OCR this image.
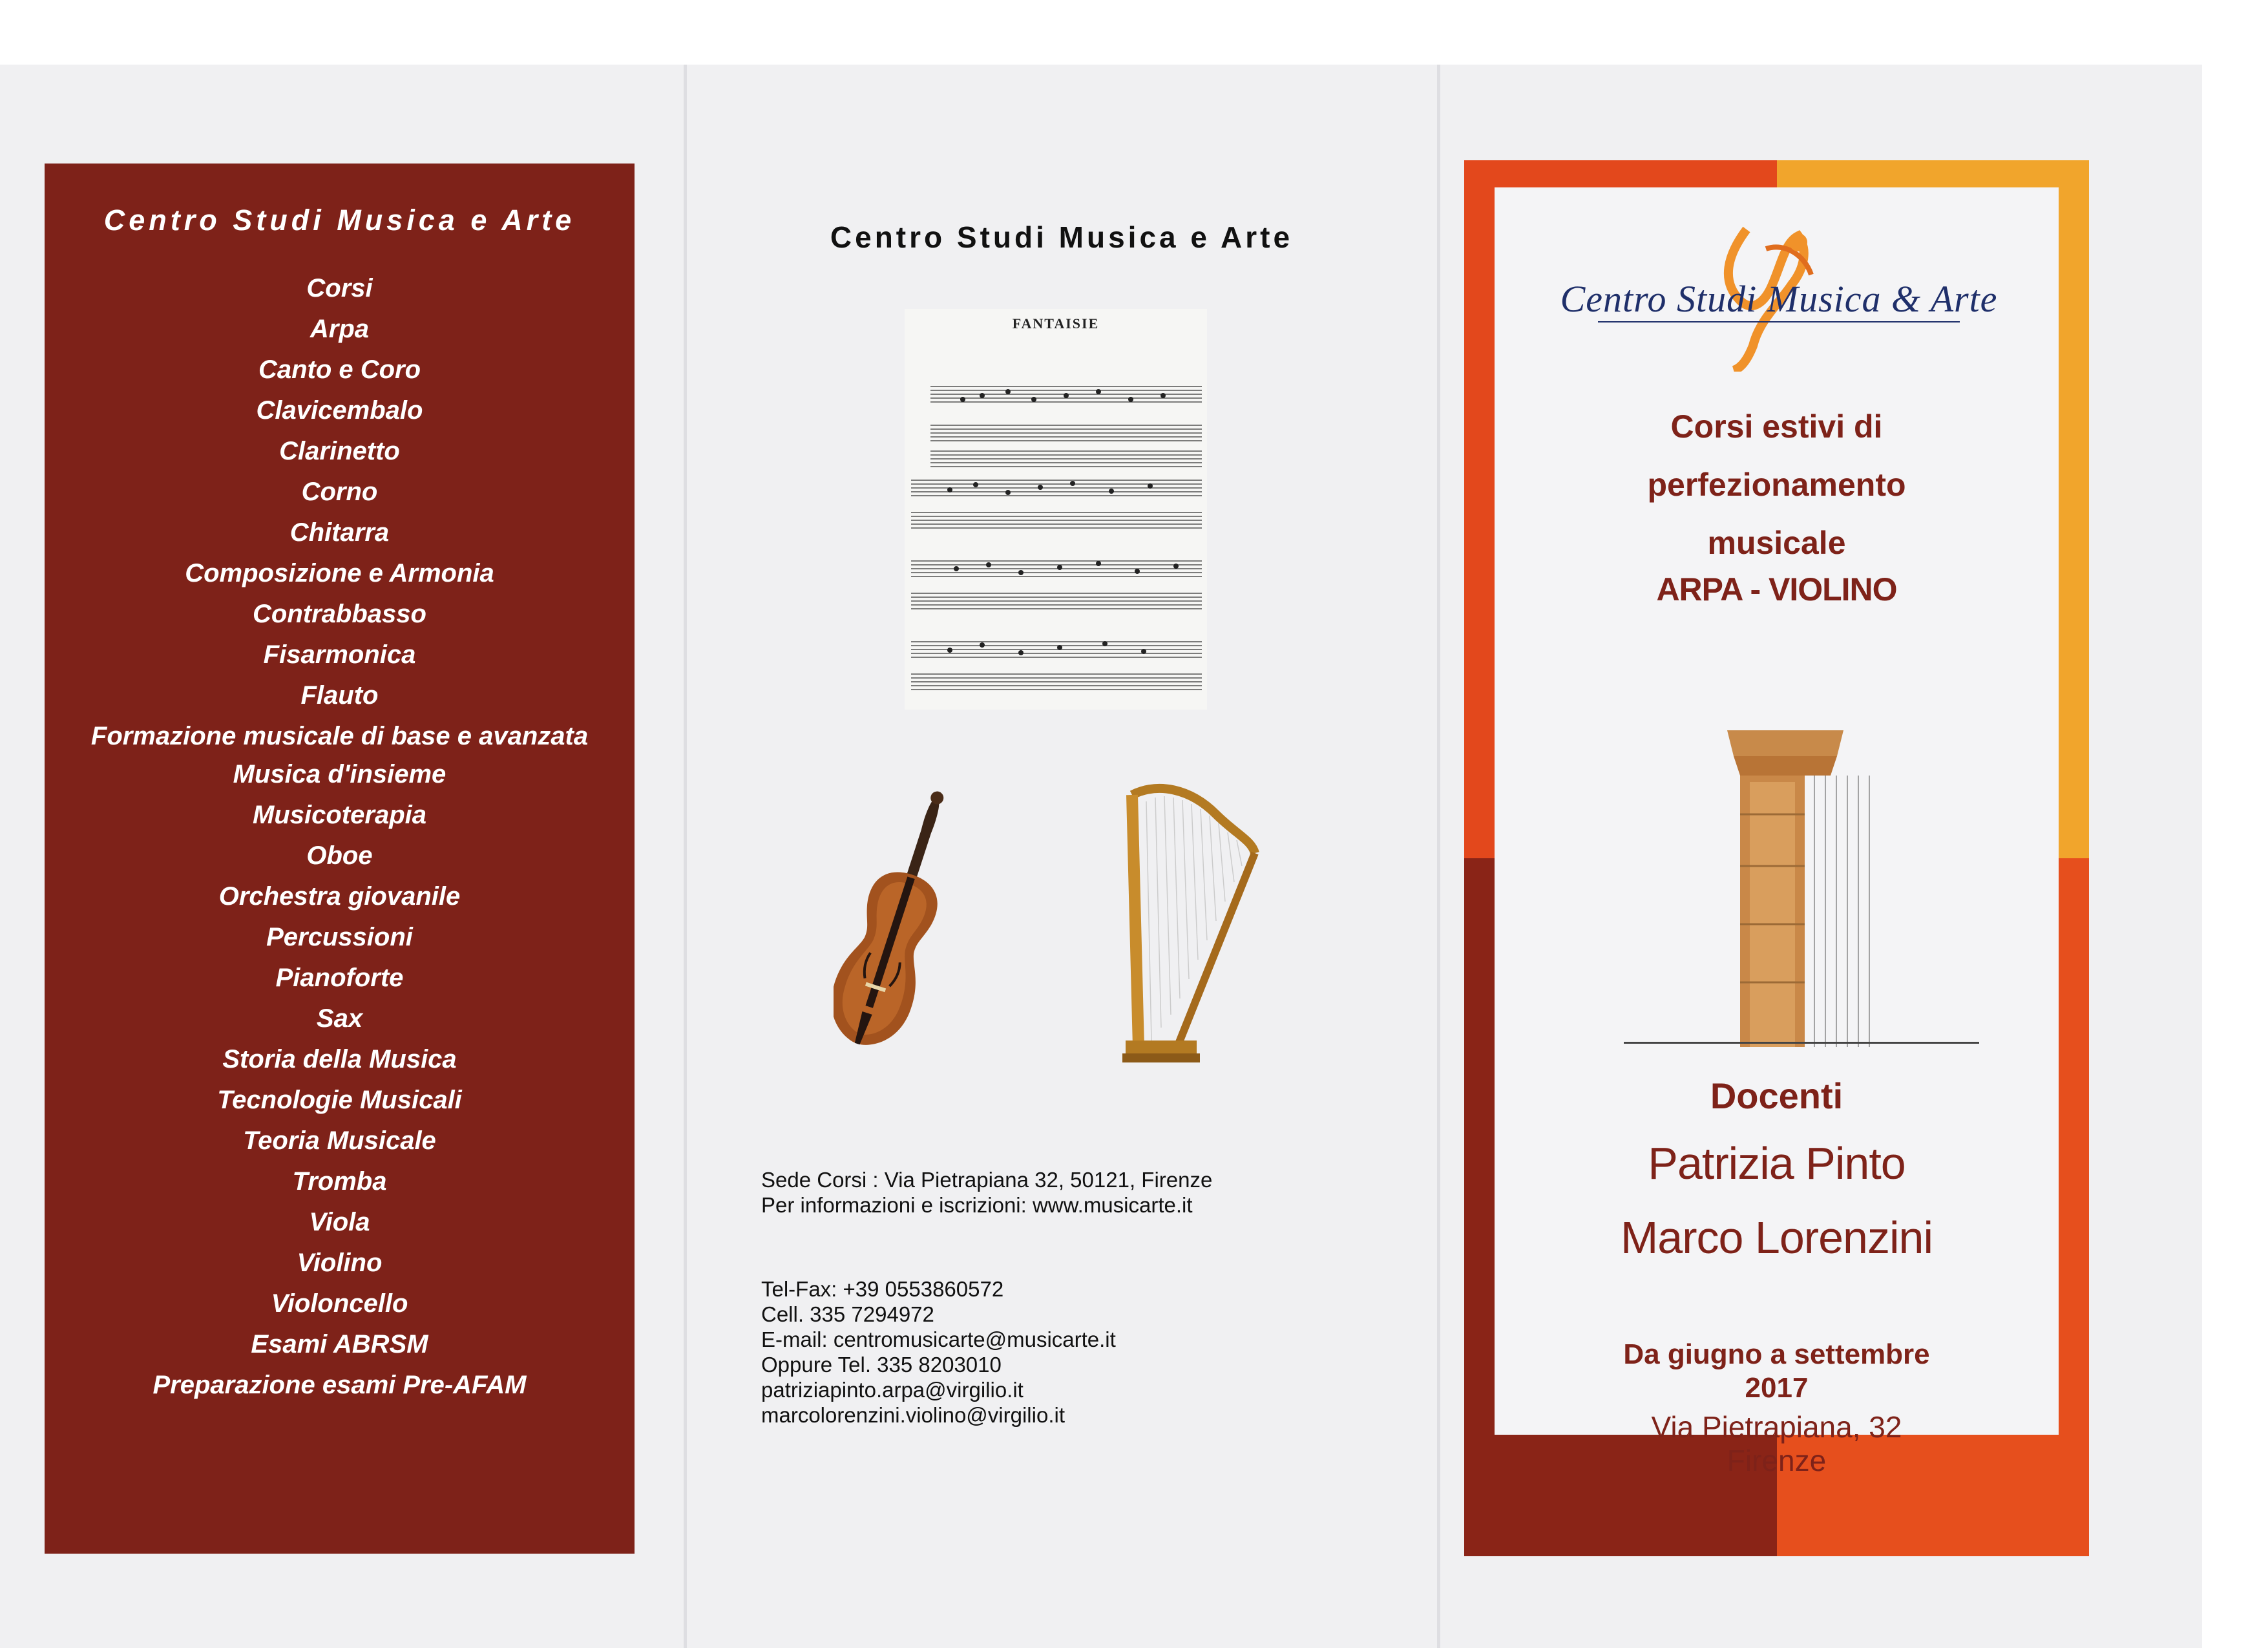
Centro Studi Musica e Arte
Corsi
Arpa
Canto e Coro
Clavicembalo
Clarinetto
Corno
Chitarra
Composizione e Armonia
Contrabbasso
Fisarmonica
Flauto
Formazione musicale di base e avanzata
Musica d'insieme
Musicoterapia
Oboe
Orchestra giovanile
Percussioni
Pianoforte
Sax
Storia della Musica
Tecnologie Musicali
Teoria Musicale
Tromba
Viola
Violino
Violoncello
Esami ABRSM
Preparazione esami Pre-AFAM
Centro Studi Musica e Arte
FANTAISIE
Sede Corsi : Via Pietrapiana 32, 50121, Firenze
Per informazioni e iscrizioni: www.musicarte.it
Tel-Fax: +39 0553860572
Cell. 335 7294972
E-mail: centromusicarte@musicarte.it
Oppure Tel. 335 8203010
patriziapinto.arpa@virgilio.it
marcolorenzini.violino@virgilio.it
Centro Studi Musica & Arte
Corsi estivi di
perfezionamento
musicale
ARPA - VIOLINO
Docenti
Patrizia Pinto
Marco Lorenzini
Da giugno a settembre
2017
Via Pietrapiana, 32
Firenze
